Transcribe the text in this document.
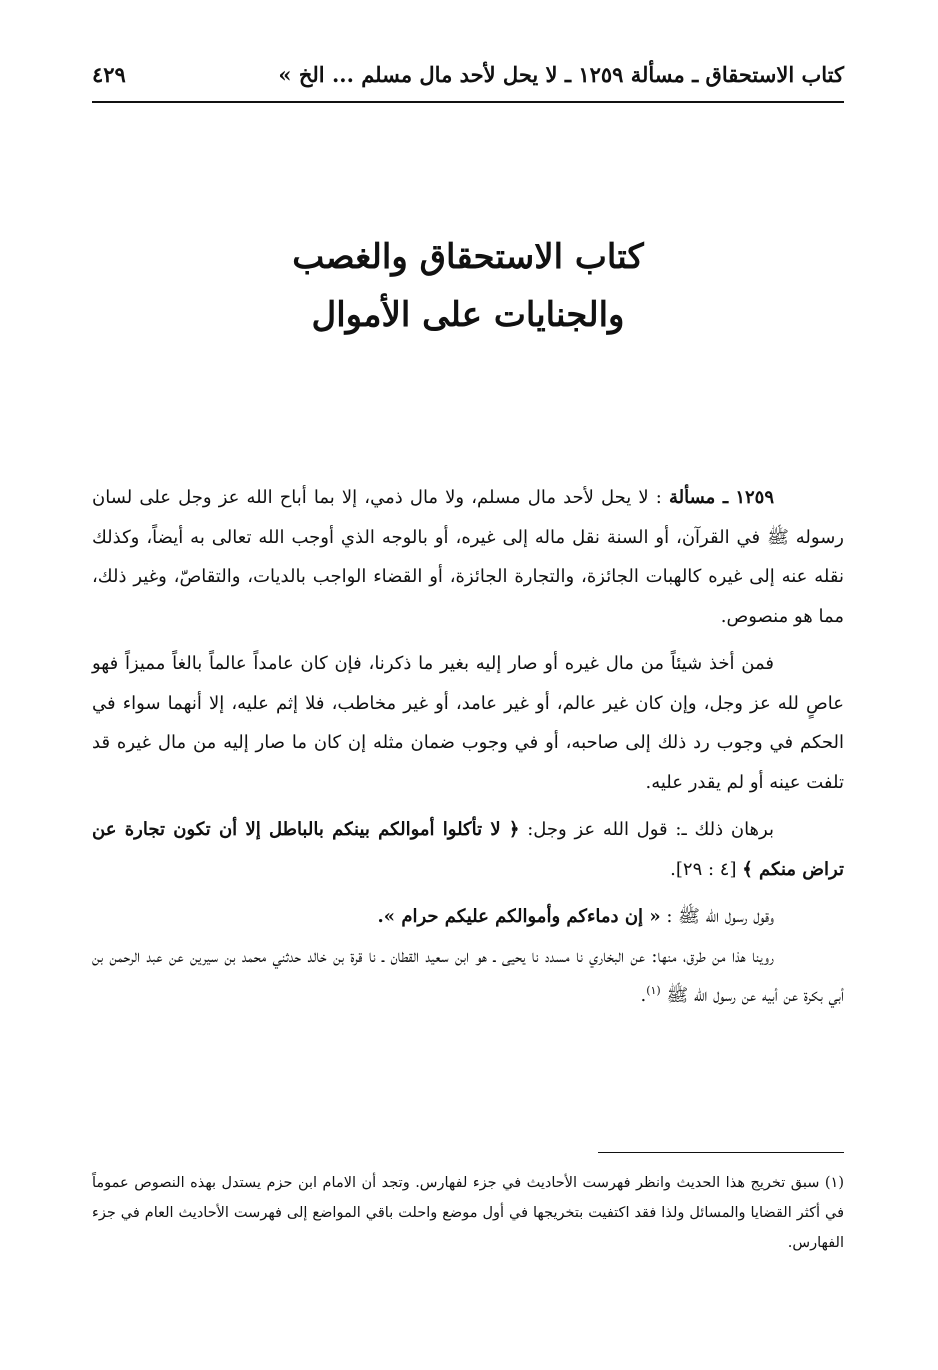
كتاب الاستحقاق ـ مسألة ١٢٥٩ ـ لا يحل لأحد مال مسلم ... الخ »
٤٢٩
كتاب الاستحقاق والغصب
والجنايات على الأموال

١٢٥٩ ـ مسألة : لا يحل لأحد مال مسلم، ولا مال ذمي، إلا بما أباح الله عز وجل على لسان رسوله ﷺ في القرآن، أو السنة نقل ماله إلى غيره، أو بالوجه الذي أوجب الله تعالى به أيضاً، وكذلك نقله عنه إلى غيره كالهبات الجائزة، والتجارة الجائزة، أو القضاء الواجب بالديات، والتقاصّ، وغير ذلك، مما هو منصوص.

فمن أخذ شيئاً من مال غيره أو صار إليه بغير ما ذكرنا، فإن كان عامداً عالماً بالغاً مميزاً فهو عاصٍ لله عز وجل، وإن كان غير عالم، أو غير عامد، أو غير مخاطب، فلا إثم عليه، إلا أنهما سواء في الحكم في وجوب رد ذلك إلى صاحبه، أو في وجوب ضمان مثله إن كان ما صار إليه من مال غيره قد تلفت عينه أو لم يقدر عليه.

برهان ذلك ـ: قول الله عز وجل: ﴿ لا تأكلوا أموالكم بينكم بالباطل إلا أن تكون تجارة عن تراض منكم ﴾ [٤ : ٢٩].

وقول رسول الله ﷺ : « إن دماءكم وأموالكم عليكم حرام ».

روينا هذا من طرق، منها: عن البخاري نا مسدد نا يحيى ـ هو ابن سعيد القطان ـ نا قرة بن خالد حدثني محمد بن سيرين عن عبد الرحمن بن أبي بكرة عن أبيه عن رسول الله ﷺ $^{(١)}$.

(١) سبق تخريج هذا الحديث وانظر فهرست الأحاديث في جزء لفهارس. وتجد أن الامام ابن حزم يستدل بهذه النصوص عموماً في أكثر القضايا والمسائل ولذا فقد اكتفيت بتخريجها في أول موضع واحلت باقي المواضع إلى فهرست الأحاديث العام في جزء الفهارس.
